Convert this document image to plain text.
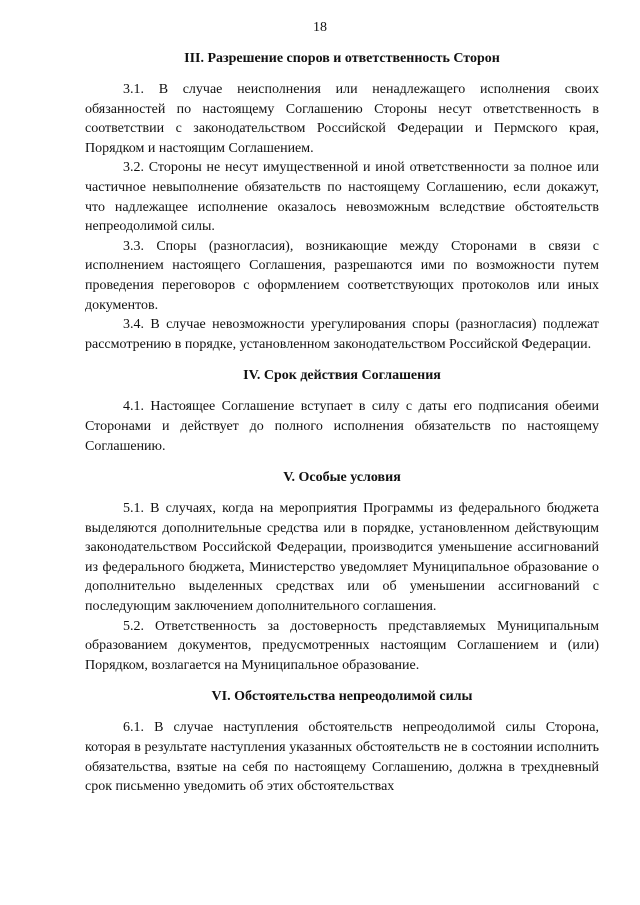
18
III. Разрешение споров и ответственность Сторон

3.1. В случае неисполнения или ненадлежащего исполнения своих обязанностей по настоящему Соглашению Стороны несут ответственность в соответствии с законодательством Российской Федерации и Пермского края, Порядком и настоящим Соглашением.

3.2. Стороны не несут имущественной и иной ответственности за полное или частичное невыполнение обязательств по настоящему Соглашению, если докажут, что надлежащее исполнение оказалось невозможным вследствие обстоятельств непреодолимой силы.

3.3. Споры (разногласия), возникающие между Сторонами в связи с исполнением настоящего Соглашения, разрешаются ими по возможности путем проведения переговоров с оформлением соответствующих протоколов или иных документов.

3.4. В случае невозможности урегулирования споры (разногласия) подлежат рассмотрению в порядке, установленном законодательством Российской Федерации.

IV. Срок действия Соглашения

4.1. Настоящее Соглашение вступает в силу с даты его подписания обеими Сторонами и действует до полного исполнения обязательств по настоящему Соглашению.

V. Особые условия

5.1. В случаях, когда на мероприятия Программы из федерального бюджета выделяются дополнительные средства или в порядке, установленном действующим законодательством Российской Федерации, производится уменьшение ассигнований из федерального бюджета, Министерство уведомляет Муниципальное образование о дополнительно выделенных средствах или об уменьшении ассигнований с последующим заключением дополнительного соглашения.

5.2. Ответственность за достоверность представляемых Муниципальным образованием документов, предусмотренных настоящим Соглашением и (или) Порядком, возлагается на Муниципальное образование.

VI. Обстоятельства непреодолимой силы

6.1. В случае наступления обстоятельств непреодолимой силы Сторона, которая в результате наступления указанных обстоятельств не в состоянии исполнить обязательства, взятые на себя по настоящему Соглашению, должна в трехдневный срок письменно уведомить об этих обстоятельствах
